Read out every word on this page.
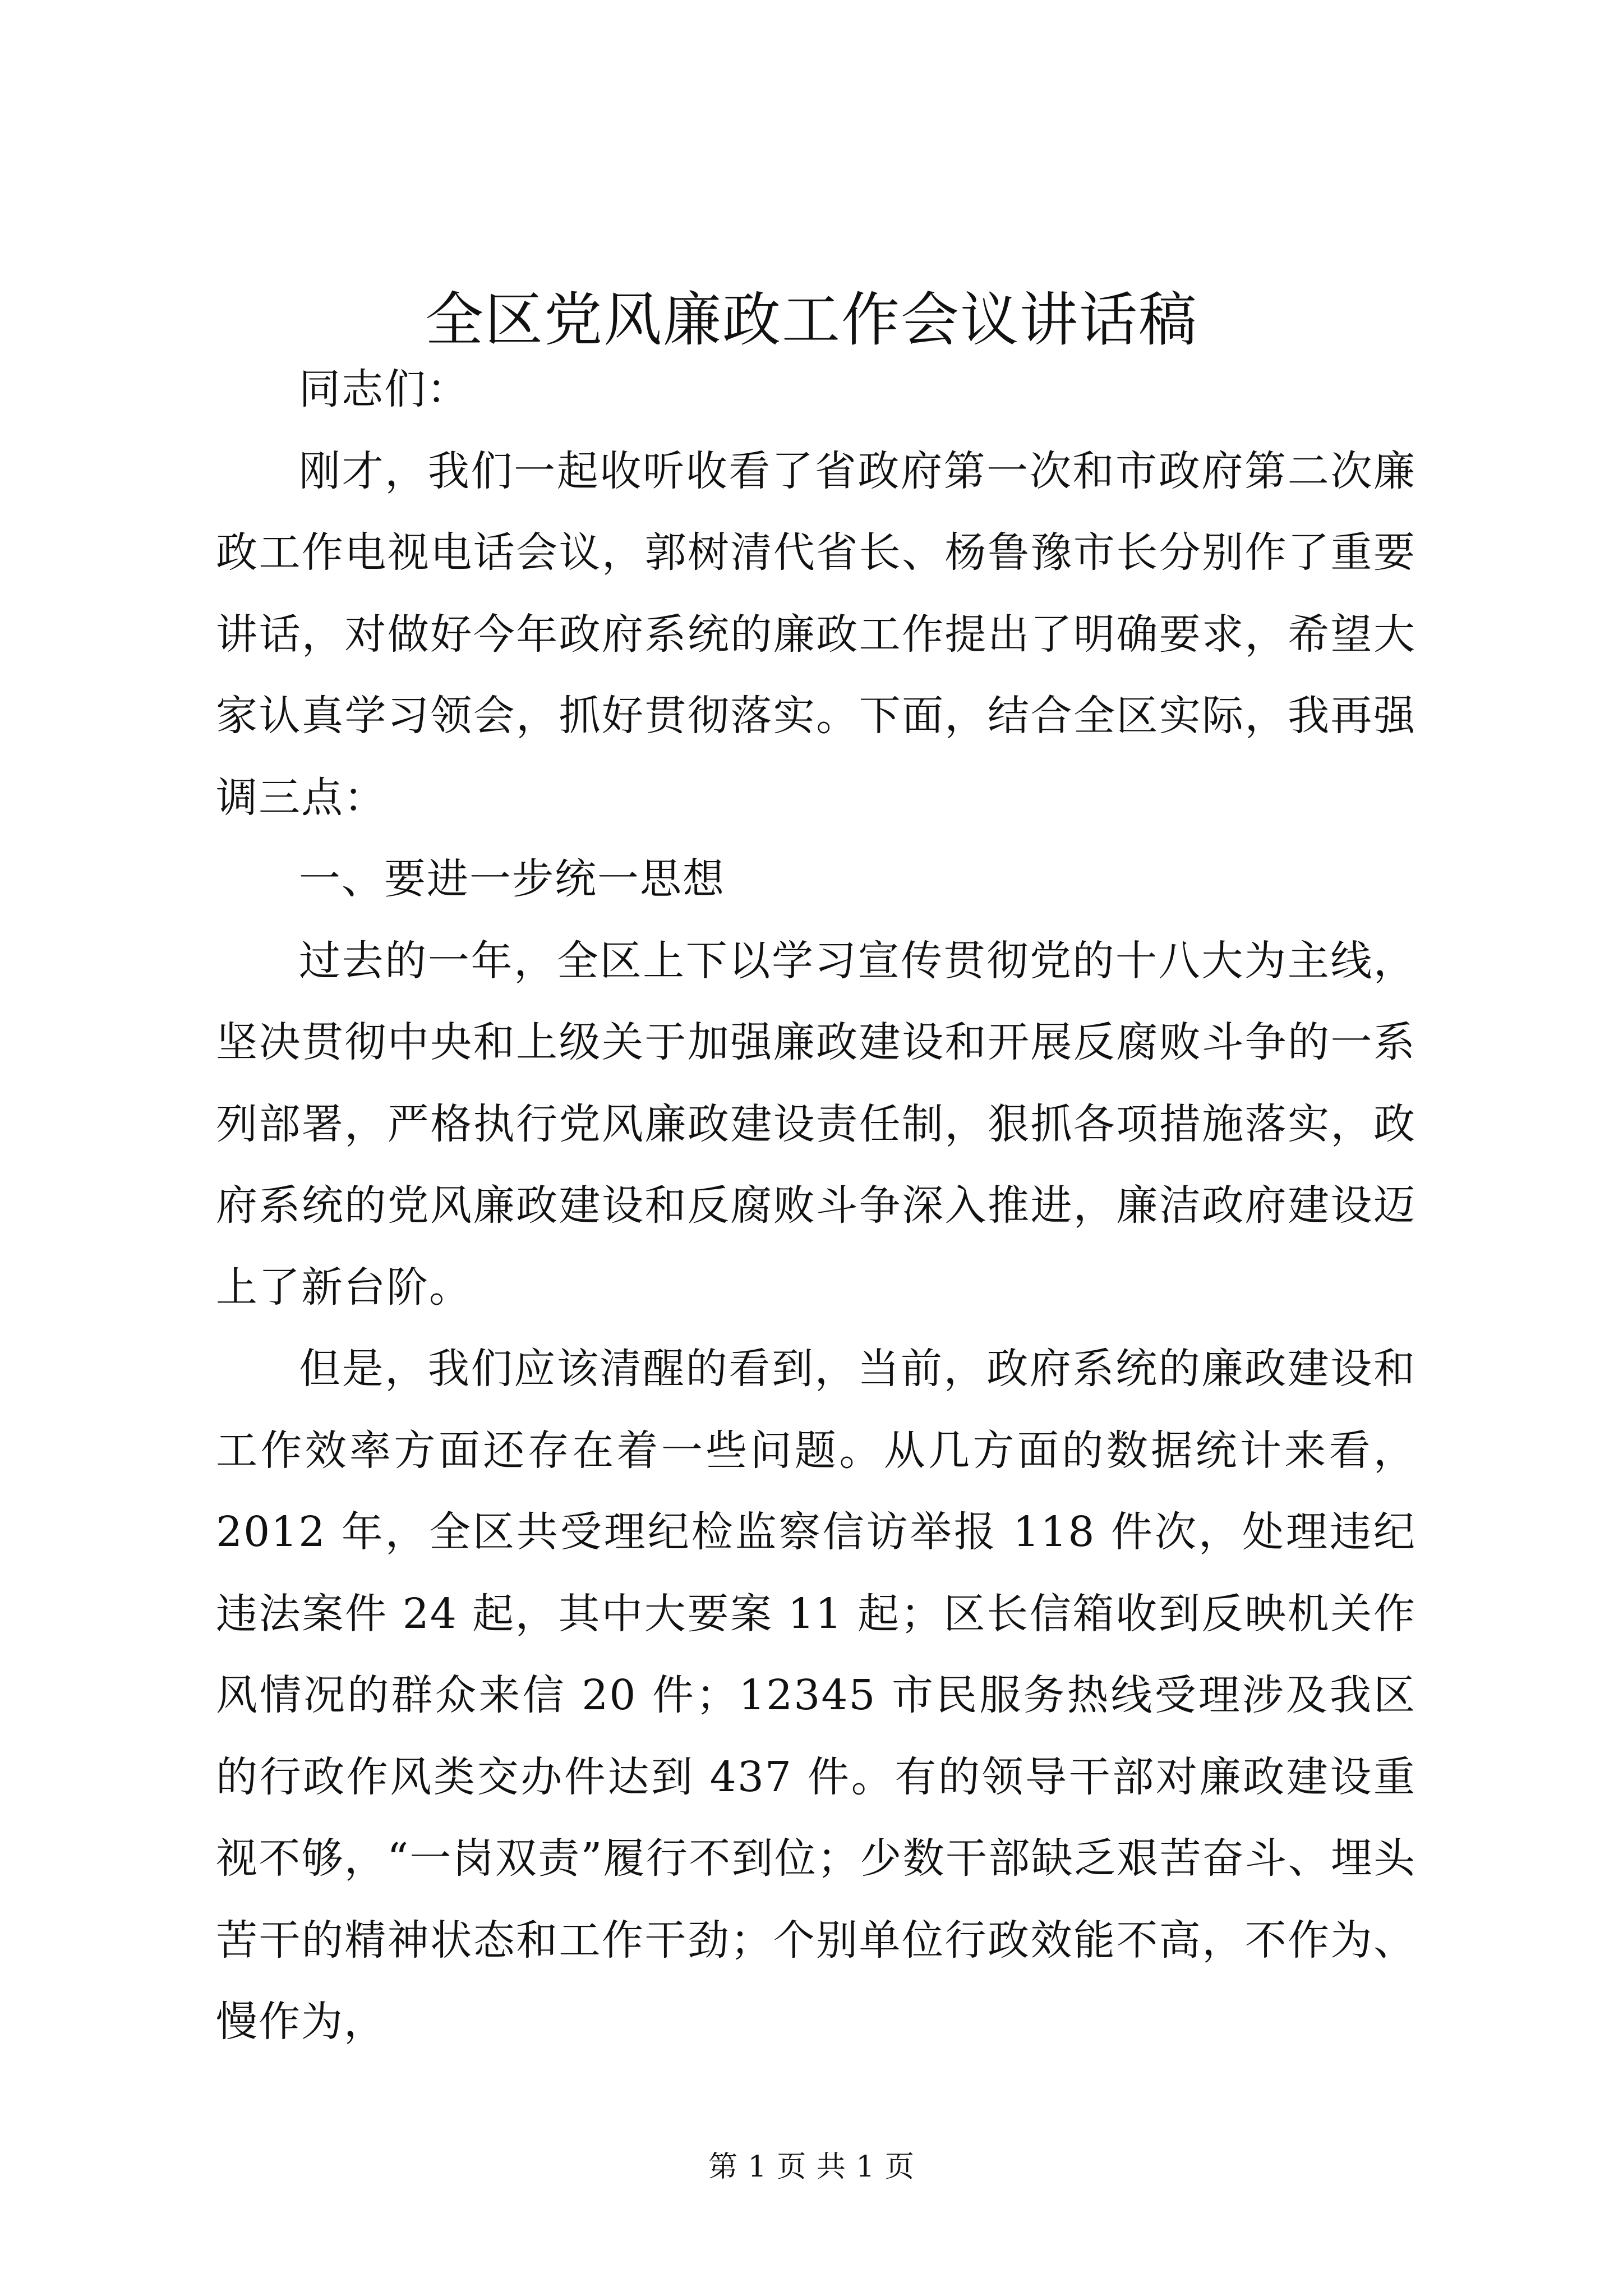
全区党风廉政工作会议讲话稿

同志们：

刚才，我们一起收听收看了省政府第一次和市政府第二次廉政工作电视电话会议，郭树清代省长、杨鲁豫市长分别作了重要讲话，对做好今年政府系统的廉政工作提出了明确要求，希望大家认真学习领会，抓好贯彻落实。下面，结合全区实际，我再强调三点：

一、要进一步统一思想

过去的一年，全区上下以学习宣传贯彻党的十八大为主线，坚决贯彻中央和上级关于加强廉政建设和开展反腐败斗争的一系列部署，严格执行党风廉政建设责任制，狠抓各项措施落实，政府系统的党风廉政建设和反腐败斗争深入推进，廉洁政府建设迈上了新台阶。

但是，我们应该清醒的看到，当前，政府系统的廉政建设和工作效率方面还存在着一些问题。从几方面的数据统计来看，2012 年，全区共受理纪检监察信访举报 118 件次，处理违纪违法案件 24 起，其中大要案 11 起；区长信箱收到反映机关作风情况的群众来信 20 件；12345 市民服务热线受理涉及我区的行政作风类交办件达到 437 件。有的领导干部对廉政建设重视不够，“一岗双责”履行不到位；少数干部缺乏艰苦奋斗、埋头苦干的精神状态和工作干劲；个别单位行政效能不高，不作为、慢作为，

第 1 页 共 1 页
